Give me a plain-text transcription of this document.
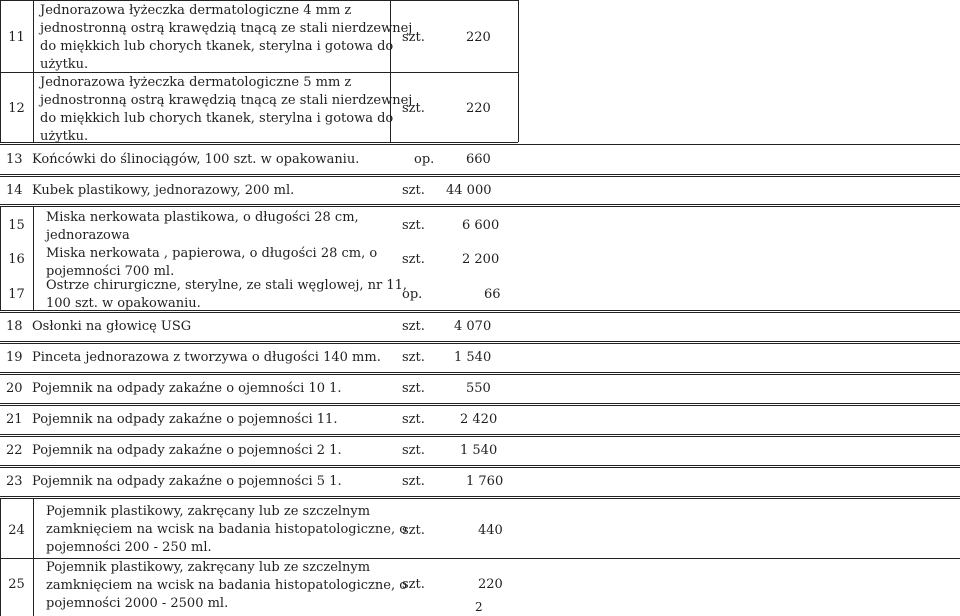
11
Jednorazowa łyżeczka dermatologiczne 4 mm z
jednostronną ostrą krawędzią tnącą ze stali nierdzewnej
do miękkich lub chorych tkanek, sterylna i gotowa do
użytku.
szt.	220
12
Jednorazowa łyżeczka dermatologiczne 5 mm z
jednostronną ostrą krawędzią tnącą ze stali nierdzewnej
do miękkich lub chorych tkanek, sterylna i gotowa do
użytku.
szt.	220
13 Końcówki do ślinociągów, 100 szt. w opakowaniu.	op. 660
14 Kubek plastikowy, jednorazowy, 200 ml.	szt. 44 000
15
Miska nerkowata plastikowa, o długości 28 cm,
jednorazowa
szt.	6 600
16	Miska nerkowata , papierowa, o długości 28 cm, o
pojemności 700 ml.
szt.	2 200
17
Ostrze chirurgiczne, sterylne, ze stali węglowej, nr 11,
100 szt. w opakowaniu.
op.	66
18 Osłonki na głowicę USG	szt. 4 070
19 Pinceta jednorazowa z tworzywa o długości 140 mm. szt. 1 540
20 Pojemnik na odpady zakaźne o ojemności 10 1.	szt.	550
21 Pojemnik na odpady zakaźne o pojemności 11.	szt.	2 420
22 Pojemnik na odpady zakaźne o pojemności 2 1.	szt.	1 540
23 Pojemnik na odpady zakaźne o pojemności 5 1.	szt.	1 760
24
Pojemnik plastikowy, zakręcany lub ze szczelnym
zamknięciem na wcisk na badania histopatologiczne, o
pojemności 200 - 250 ml.
szt.	440
25
Pojemnik plastikowy, zakręcany lub ze szczelnym
zamknięciem na wcisk na badania histopatologiczne, o
pojemności 2000 - 2500 ml.
szt.	220
2
